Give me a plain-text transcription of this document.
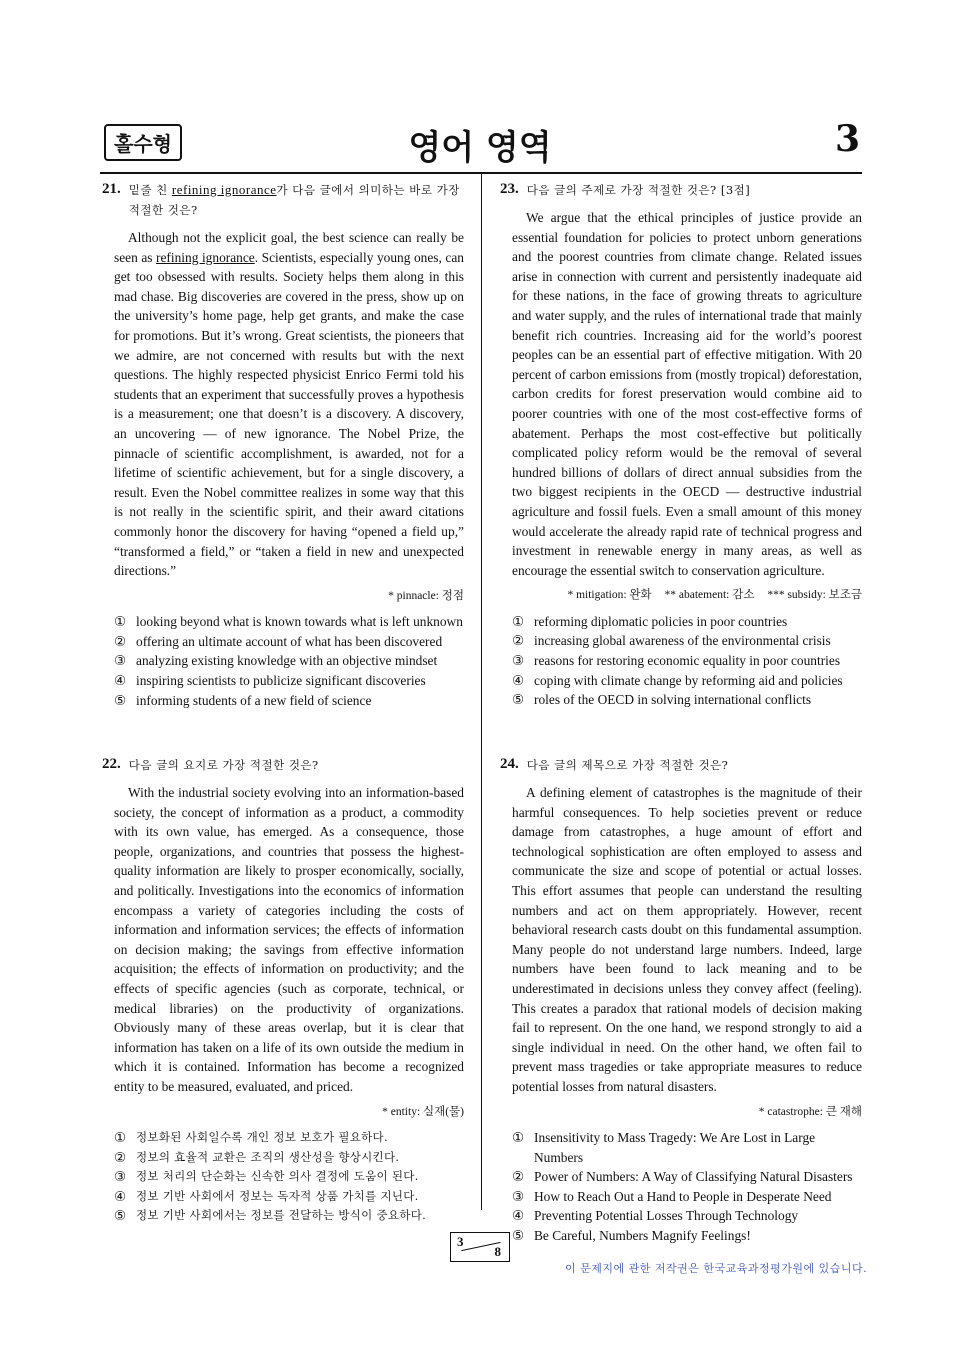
홀수형	영어 영역	3
21. 밑줄 친 refining ignorance가 다음 글에서 의미하는 바로 가장 적절한 것은?
Although not the explicit goal, the best science can really be seen as refining ignorance. Scientists, especially young ones, can get too obsessed with results. Society helps them along in this mad chase. Big discoveries are covered in the press, show up on the university’s home page, help get grants, and make the case for promotions. But it’s wrong. Great scientists, the pioneers that we admire, are not concerned with results but with the next questions. The highly respected physicist Enrico Fermi told his students that an experiment that successfully proves a hypothesis is a measurement; one that doesn’t is a discovery. A discovery, an uncovering — of new ignorance. The Nobel Prize, the pinnacle of scientific accomplishment, is awarded, not for a lifetime of scientific achievement, but for a single discovery, a result. Even the Nobel committee realizes in some way that this is not really in the scientific spirit, and their award citations commonly honor the discovery for having “opened a field up,” “transformed a field,” or “taken a field in new and unexpected directions.”
* pinnacle: 정점
① looking beyond what is known towards what is left unknown
② offering an ultimate account of what has been discovered
③ analyzing existing knowledge with an objective mindset
④ inspiring scientists to publicize significant discoveries
⑤ informing students of a new field of science
22. 다음 글의 요지로 가장 적절한 것은?
With the industrial society evolving into an information-based society, the concept of information as a product, a commodity with its own value, has emerged. As a consequence, those people, organizations, and countries that possess the highest-quality information are likely to prosper economically, socially, and politically. Investigations into the economics of information encompass a variety of categories including the costs of information and information services; the effects of information on decision making; the savings from effective information acquisition; the effects of information on productivity; and the effects of specific agencies (such as corporate, technical, or medical libraries) on the productivity of organizations. Obviously many of these areas overlap, but it is clear that information has taken on a life of its own outside the medium in which it is contained. Information has become a recognized entity to be measured, evaluated, and priced.
* entity: 실재(물)
① 정보화된 사회일수록 개인 정보 보호가 필요하다.
② 정보의 효율적 교환은 조직의 생산성을 향상시킨다.
③ 정보 처리의 단순화는 신속한 의사 결정에 도움이 된다.
④ 정보 기반 사회에서 정보는 독자적 상품 가치를 지닌다.
⑤ 정보 기반 사회에서는 정보를 전달하는 방식이 중요하다.
23. 다음 글의 주제로 가장 적절한 것은? [3점]
We argue that the ethical principles of justice provide an essential foundation for policies to protect unborn generations and the poorest countries from climate change. Related issues arise in connection with current and persistently inadequate aid for these nations, in the face of growing threats to agriculture and water supply, and the rules of international trade that mainly benefit rich countries. Increasing aid for the world’s poorest peoples can be an essential part of effective mitigation. With 20 percent of carbon emissions from (mostly tropical) deforestation, carbon credits for forest preservation would combine aid to poorer countries with one of the most cost-effective forms of abatement. Perhaps the most cost-effective but politically complicated policy reform would be the removal of several hundred billions of dollars of direct annual subsidies from the two biggest recipients in the OECD — destructive industrial agriculture and fossil fuels. Even a small amount of this money would accelerate the already rapid rate of technical progress and investment in renewable energy in many areas, as well as encourage the essential switch to conservation agriculture.
* mitigation: 완화 ** abatement: 감소 *** subsidy: 보조금
① reforming diplomatic policies in poor countries
② increasing global awareness of the environmental crisis
③ reasons for restoring economic equality in poor countries
④ coping with climate change by reforming aid and policies
⑤ roles of the OECD in solving international conflicts
24. 다음 글의 제목으로 가장 적절한 것은?
A defining element of catastrophes is the magnitude of their harmful consequences. To help societies prevent or reduce damage from catastrophes, a huge amount of effort and technological sophistication are often employed to assess and communicate the size and scope of potential or actual losses. This effort assumes that people can understand the resulting numbers and act on them appropriately. However, recent behavioral research casts doubt on this fundamental assumption. Many people do not understand large numbers. Indeed, large numbers have been found to lack meaning and to be underestimated in decisions unless they convey affect (feeling). This creates a paradox that rational models of decision making fail to represent. On the one hand, we respond strongly to aid a single individual in need. On the other hand, we often fail to prevent mass tragedies or take appropriate measures to reduce potential losses from natural disasters.
* catastrophe: 큰 재해
① Insensitivity to Mass Tragedy: We Are Lost in Large Numbers
② Power of Numbers: A Way of Classifying Natural Disasters
③ How to Reach Out a Hand to People in Desperate Need
④ Preventing Potential Losses Through Technology
⑤ Be Careful, Numbers Magnify Feelings!
3
8
이 문제지에 관한 저작권은 한국교육과정평가원에 있습니다.
